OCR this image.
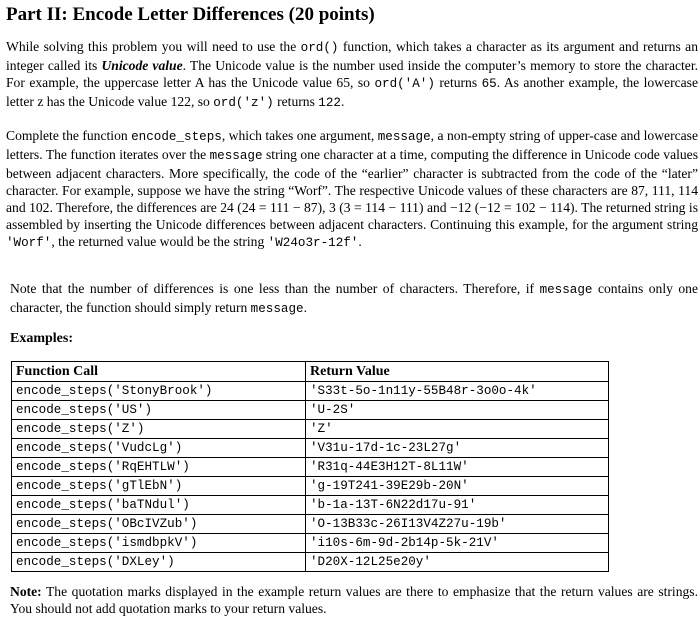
Part II: Encode Letter Differences (20 points)
While solving this problem you will need to use the ord() function, which takes a character as its argument and returns an integer called its Unicode value. The Unicode value is the number used inside the computer’s memory to store the character. For example, the uppercase letter A has the Unicode value 65, so ord('A') returns 65. As another example, the lowercase letter z has the Unicode value 122, so ord('z') returns 122.
Complete the function encode_steps, which takes one argument, message, a non-empty string of upper-case and lowercase letters. The function iterates over the message string one character at a time, computing the difference in Unicode code values between adjacent characters. More specifically, the code of the “earlier” character is subtracted from the code of the “later” character. For example, suppose we have the string “Worf”. The respective Unicode values of these characters are 87, 111, 114 and 102. Therefore, the differences are 24 (24 = 111 − 87), 3 (3 = 114 − 111) and −12 (−12 = 102 − 114). The returned string is assembled by inserting the Unicode differences between adjacent characters. Continuing this example, for the argument string 'Worf', the returned value would be the string 'W24o3r-12f'.
Note that the number of differences is one less than the number of characters. Therefore, if message contains only one character, the function should simply return message.
Examples:
Function Call	Return Value
encode_steps('StonyBrook')	'S33t-5o-1n11y-55B48r-3o0o-4k'
encode_steps('US')	'U-2S'
encode_steps('Z')	'Z'
encode_steps('VudcLg')	'V31u-17d-1c-23L27g'
encode_steps('RqEHTLW')	'R31q-44E3H12T-8L11W'
encode_steps('gTlEbN')	'g-19T241-39E29b-20N'
encode_steps('baTNdul')	'b-1a-13T-6N22d17u-91'
encode_steps('OBcIVZub')	'O-13B33c-26I13V4Z27u-19b'
encode_steps('ismdbpkV')	'i10s-6m-9d-2b14p-5k-21V'
encode_steps('DXLey')	'D20X-12L25e20y'
Note: The quotation marks displayed in the example return values are there to emphasize that the return values are strings. You should not add quotation marks to your return values.
